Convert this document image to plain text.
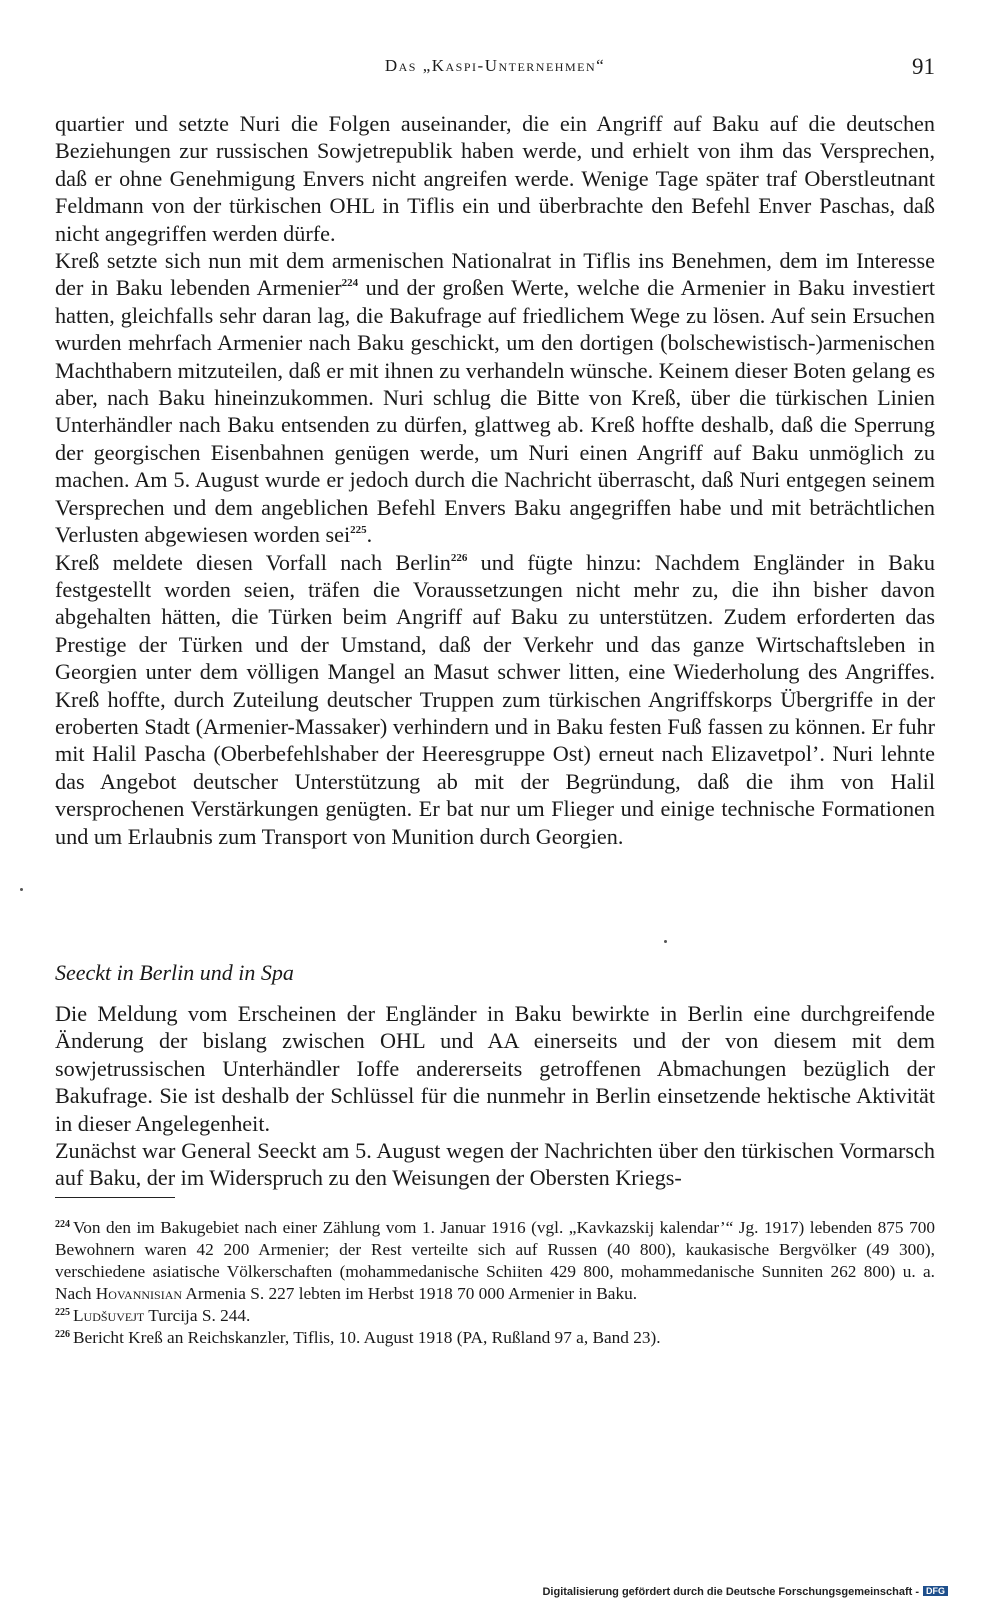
Das „Kaspi-Unternehmen“	91

quartier und setzte Nuri die Folgen auseinander, die ein Angriff auf Baku auf die deutschen Beziehungen zur russischen Sowjetrepublik haben werde, und erhielt von ihm das Versprechen, daß er ohne Genehmigung Envers nicht angreifen werde. Wenige Tage später traf Oberstleutnant Feldmann von der türkischen OHL in Tiflis ein und überbrachte den Befehl Enver Paschas, daß nicht angegriffen werden dürfe.

Kreß setzte sich nun mit dem armenischen Nationalrat in Tiflis ins Benehmen, dem im Interesse der in Baku lebenden Armenier$^{224}$ und der großen Werte, welche die Armenier in Baku investiert hatten, gleichfalls sehr daran lag, die Bakufrage auf friedlichem Wege zu lösen. Auf sein Ersuchen wurden mehrfach Armenier nach Baku geschickt, um den dortigen (bolschewistisch-)armenischen Machthabern mitzuteilen, daß er mit ihnen zu verhandeln wünsche. Keinem dieser Boten gelang es aber, nach Baku hineinzukommen. Nuri schlug die Bitte von Kreß, über die türkischen Linien Unterhändler nach Baku entsenden zu dürfen, glattweg ab. Kreß hoffte deshalb, daß die Sperrung der georgischen Eisenbahnen genügen werde, um Nuri einen Angriff auf Baku unmöglich zu machen. Am 5. August wurde er jedoch durch die Nachricht überrascht, daß Nuri entgegen seinem Versprechen und dem angeblichen Befehl Envers Baku angegriffen habe und mit beträchtlichen Verlusten abgewiesen worden sei$^{225}$.

Kreß meldete diesen Vorfall nach Berlin$^{226}$ und fügte hinzu: Nachdem Engländer in Baku festgestellt worden seien, träfen die Voraussetzungen nicht mehr zu, die ihn bisher davon abgehalten hätten, die Türken beim Angriff auf Baku zu unterstützen. Zudem erforderten das Prestige der Türken und der Umstand, daß der Verkehr und das ganze Wirtschaftsleben in Georgien unter dem völligen Mangel an Masut schwer litten, eine Wiederholung des Angriffes. Kreß hoffte, durch Zuteilung deutscher Truppen zum türkischen Angriffskorps Übergriffe in der eroberten Stadt (Armenier-Massaker) verhindern und in Baku festen Fuß fassen zu können. Er fuhr mit Halil Pascha (Oberbefehlshaber der Heeresgruppe Ost) erneut nach Elizavetpol’. Nuri lehnte das Angebot deutscher Unterstützung ab mit der Begründung, daß die ihm von Halil versprochenen Verstärkungen genügten. Er bat nur um Flieger und einige technische Formationen und um Erlaubnis zum Transport von Munition durch Georgien.

Seeckt in Berlin und in Spa

Die Meldung vom Erscheinen der Engländer in Baku bewirkte in Berlin eine durchgreifende Änderung der bislang zwischen OHL und AA einerseits und der von diesem mit dem sowjetrussischen Unterhändler Ioffe andererseits getroffenen Abmachungen bezüglich der Bakufrage. Sie ist deshalb der Schlüssel für die nunmehr in Berlin einsetzende hektische Aktivität in dieser Angelegenheit.

Zunächst war General Seeckt am 5. August wegen der Nachrichten über den türkischen Vormarsch auf Baku, der im Widerspruch zu den Weisungen der Obersten Kriegs-

$^{224}$ Von den im Bakugebiet nach einer Zählung vom 1. Januar 1916 (vgl. „Kavkazskij kalendar’“ Jg. 1917) lebenden 875 700 Bewohnern waren 42 200 Armenier; der Rest verteilte sich auf Russen (40 800), kaukasische Bergvölker (49 300), verschiedene asiatische Völkerschaften (mohammedanische Schiiten 429 800, mohammedanische Sunniten 262 800) u. a. Nach Hovannisian Armenia S. 227 lebten im Herbst 1918 70 000 Armenier in Baku.

$^{225}$ Ludšuvejt Turcija S. 244.

$^{226}$ Bericht Kreß an Reichskanzler, Tiflis, 10. August 1918 (PA, Rußland 97 a, Band 23).

Digitalisierung gefördert durch die Deutsche Forschungsgemeinschaft - DFG
